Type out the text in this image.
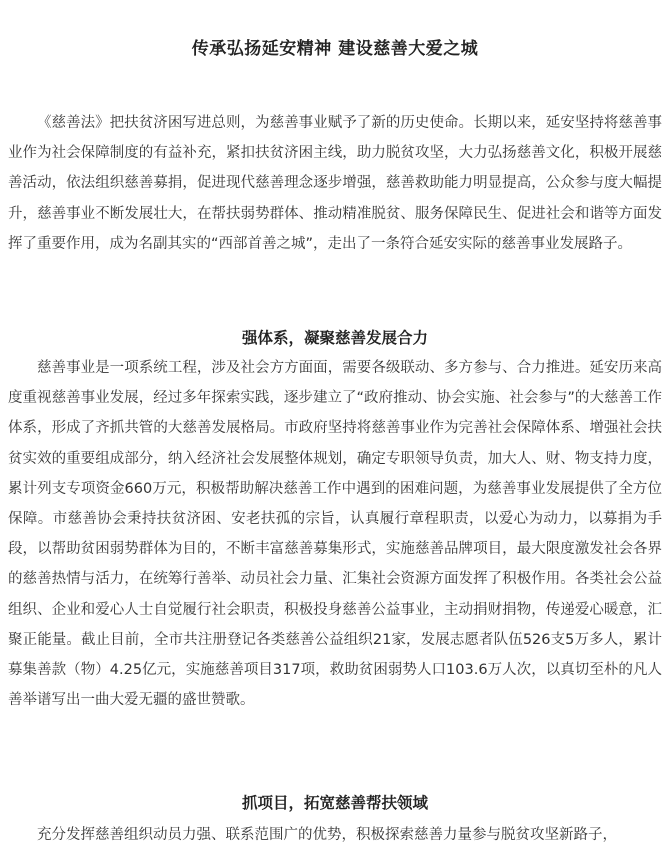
传承弘扬延安精神 建设慈善大爱之城

《慈善法》把扶贫济困写进总则，为慈善事业赋予了新的历史使命。长期以来，延安坚持将慈善事业作为社会保障制度的有益补充，紧扣扶贫济困主线，助力脱贫攻坚，大力弘扬慈善文化，积极开展慈善活动，依法组织慈善募捐，促进现代慈善理念逐步增强，慈善救助能力明显提高，公众参与度大幅提升，慈善事业不断发展壮大，在帮扶弱势群体、推动精准脱贫、服务保障民生、促进社会和谐等方面发挥了重要作用，成为名副其实的“西部首善之城”，走出了一条符合延安实际的慈善事业发展路子。

强体系，凝聚慈善发展合力

慈善事业是一项系统工程，涉及社会方方面面，需要各级联动、多方参与、合力推进。延安历来高度重视慈善事业发展，经过多年探索实践，逐步建立了“政府推动、协会实施、社会参与”的大慈善工作体系，形成了齐抓共管的大慈善发展格局。市政府坚持将慈善事业作为完善社会保障体系、增强社会扶贫实效的重要组成部分，纳入经济社会发展整体规划，确定专职领导负责，加大人、财、物支持力度，累计列支专项资金660万元，积极帮助解决慈善工作中遇到的困难问题，为慈善事业发展提供了全方位保障。市慈善协会秉持扶贫济困、安老扶孤的宗旨，认真履行章程职责，以爱心为动力，以募捐为手段，以帮助贫困弱势群体为目的，不断丰富慈善募集形式，实施慈善品牌项目，最大限度激发社会各界的慈善热情与活力，在统筹行善举、动员社会力量、汇集社会资源方面发挥了积极作用。各类社会公益组织、企业和爱心人士自觉履行社会职责，积极投身慈善公益事业，主动捐财捐物，传递爱心暖意，汇聚正能量。截止目前，全市共注册登记各类慈善公益组织21家，发展志愿者队伍526支5万多人，累计募集善款（物）4.25亿元，实施慈善项目317项，救助贫困弱势人口103.6万人次，以真切至朴的凡人善举谱写出一曲大爱无疆的盛世赞歌。

抓项目，拓宽慈善帮扶领域

充分发挥慈善组织动员力强、联系范围广的优势，积极探索慈善力量参与脱贫攻坚新路子，
